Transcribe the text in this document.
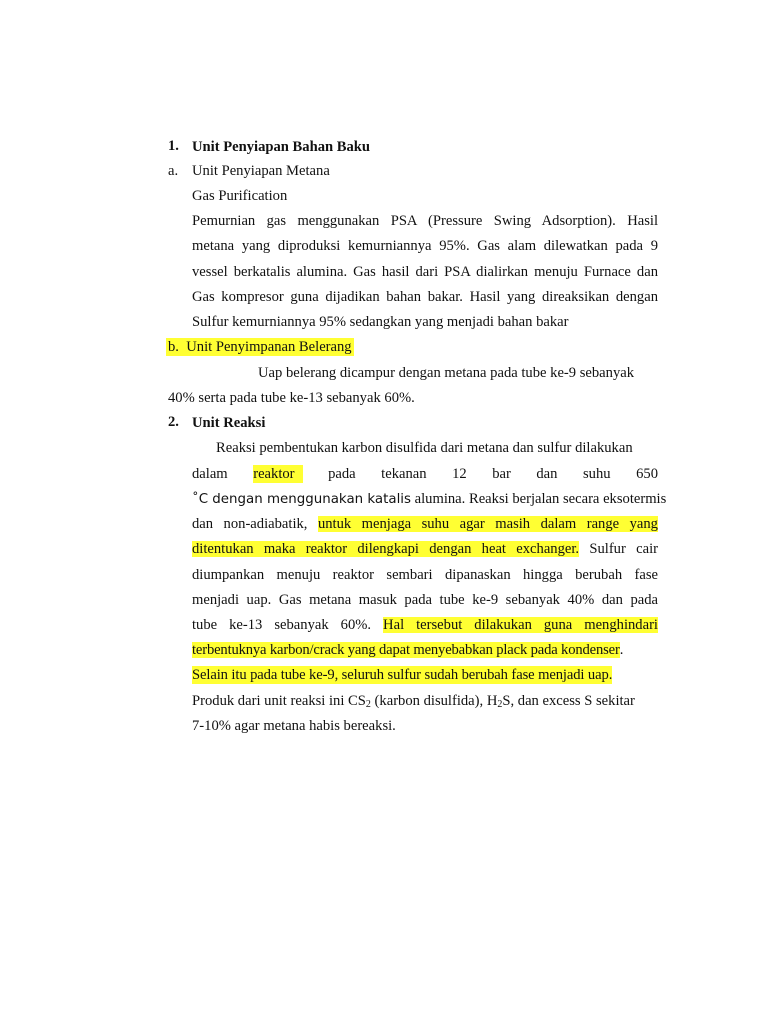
1. Unit Penyiapan Bahan Baku
a. Unit Penyiapan Metana
Gas Purification
Pemurnian gas menggunakan PSA (Pressure Swing Adsorption). Hasil
metana yang diproduksi kemurniannya 95%. Gas alam dilewatkan pada 9
vessel berkatalis alumina. Gas hasil dari PSA dialirkan menuju Furnace dan
Gas kompresor guna dijadikan bahan bakar. Hasil yang direaksikan dengan
Sulfur kemurniannya 95% sedangkan yang menjadi bahan bakar
b. Unit Penyimpanan Belerang
Uap belerang dicampur dengan metana pada tube ke-9 sebanyak
40% serta pada tube ke-13 sebanyak 60%.
2. Unit Reaksi
Reaksi pembentukan karbon disulfida dari metana dan sulfur dilakukan
dalam reaktor	pada tekanan 12 bar dan suhu 650
˚C dengan menggunakan katalis alumina. Reaksi berjalan secara eksotermis
dan non-adiabatik, untuk menjaga suhu agar masih dalam range yang
ditentukan maka reaktor dilengkapi dengan heat exchanger. Sulfur cair
diumpankan menuju reaktor sembari dipanaskan hingga berubah fase
menjadi uap. Gas metana masuk pada tube ke-9 sebanyak 40% dan pada
tube ke-13 sebanyak 60%. Hal tersebut dilakukan guna menghindari
terbentuknya karbon/crack yang dapat menyebabkan plack pada kondenser.
Selain itu pada tube ke-9, seluruh sulfur sudah berubah fase menjadi uap.
Produk dari unit reaksi ini $CS_2$ (karbon disulfida), $H_2S$, dan excess S sekitar
7-10% agar metana habis bereaksi.
